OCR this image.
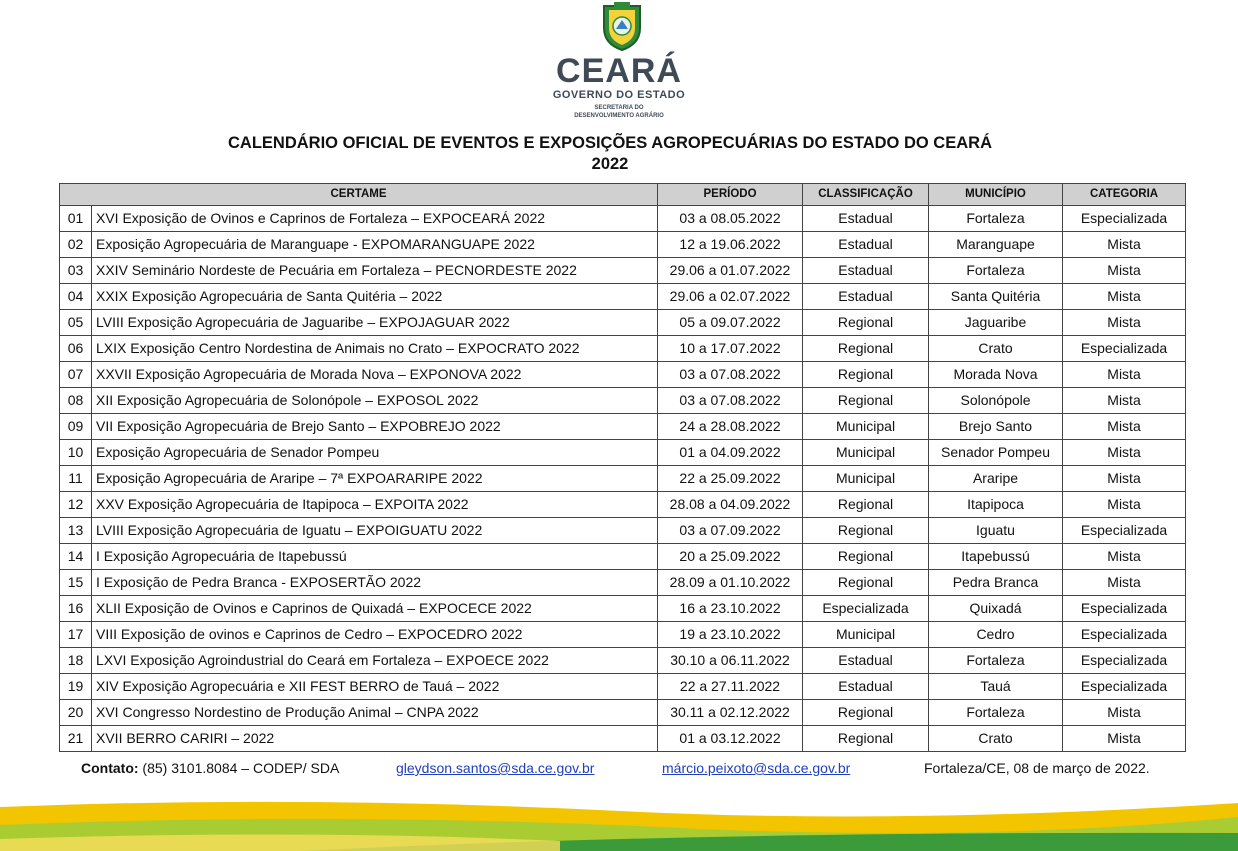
CEARÁ
GOVERNO DO ESTADO
SECRETARIA DO
DESENVOLVIMENTO AGRÁRIO
CALENDÁRIO OFICIAL DE EVENTOS E EXPOSIÇÕES AGROPECUÁRIAS DO ESTADO DO CEARÁ
2022
CERTAME		PERÍODO	CLASSIFICAÇÃO	MUNICÍPIO	CATEGORIA
01	XVI Exposição de Ovinos e Caprinos de Fortaleza – EXPOCEARÁ 2022	03 a 08.05.2022	Estadual	Fortaleza	Especializada
02	Exposição Agropecuária de Maranguape - EXPOMARANGUAPE 2022	12 a 19.06.2022	Estadual	Maranguape	Mista
03	XXIV Seminário Nordeste de Pecuária em Fortaleza – PECNORDESTE 2022	29.06 a 01.07.2022	Estadual	Fortaleza	Mista
04	XXIX Exposição Agropecuária de Santa Quitéria – 2022	29.06 a 02.07.2022	Estadual	Santa Quitéria	Mista
05	LVIII Exposição Agropecuária de Jaguaribe – EXPOJAGUAR 2022	05 a 09.07.2022	Regional	Jaguaribe	Mista
06	LXIX Exposição Centro Nordestina de Animais no Crato – EXPOCRATO 2022	10 a 17.07.2022	Regional	Crato	Especializada
07	XXVII Exposição Agropecuária de Morada Nova – EXPONOVA 2022	03 a 07.08.2022	Regional	Morada Nova	Mista
08	XII Exposição Agropecuária de Solonópole – EXPOSOL 2022	03 a 07.08.2022	Regional	Solonópole	Mista
09	VII Exposição Agropecuária de Brejo Santo – EXPOBREJO 2022	24 a 28.08.2022	Municipal	Brejo Santo	Mista
10	Exposição Agropecuária de Senador Pompeu	01 a 04.09.2022	Municipal	Senador Pompeu	Mista
11	Exposição Agropecuária de Araripe – 7ª EXPOARARIPE 2022	22 a 25.09.2022	Municipal	Araripe	Mista
12	XXV Exposição Agropecuária de Itapipoca – EXPOITA 2022	28.08 a 04.09.2022	Regional	Itapipoca	Mista
13	LVIII Exposição Agropecuária de Iguatu – EXPOIGUATU 2022	03 a 07.09.2022	Regional	Iguatu	Especializada
14	I Exposição Agropecuária de Itapebussú	20 a 25.09.2022	Regional	Itapebussú	Mista
15	I Exposição de Pedra Branca - EXPOSERTÃO 2022	28.09 a 01.10.2022	Regional	Pedra Branca	Mista
16	XLII Exposição de Ovinos e Caprinos de Quixadá – EXPOCECE 2022	16 a 23.10.2022	Especializada	Quixadá	Especializada
17	VIII Exposição de ovinos e Caprinos de Cedro – EXPOCEDRO 2022	19 a 23.10.2022	Municipal	Cedro	Especializada
18	LXVI Exposição Agroindustrial do Ceará em Fortaleza – EXPOECE 2022	30.10 a 06.11.2022	Estadual	Fortaleza	Especializada
19	XIV Exposição Agropecuária e XII FEST BERRO de Tauá – 2022	22 a 27.11.2022	Estadual	Tauá	Especializada
20	XVI Congresso Nordestino de Produção Animal – CNPA 2022	30.11 a 02.12.2022	Regional	Fortaleza	Mista
21	XVII BERRO CARIRI – 2022	01 a 03.12.2022	Regional	Crato	Mista
Contato: (85) 3101.8084 – CODEP/ SDA	gleydson.santos@sda.ce.gov.br	márcio.peixoto@sda.ce.gov.br	Fortaleza/CE, 08 de março de 2022.
